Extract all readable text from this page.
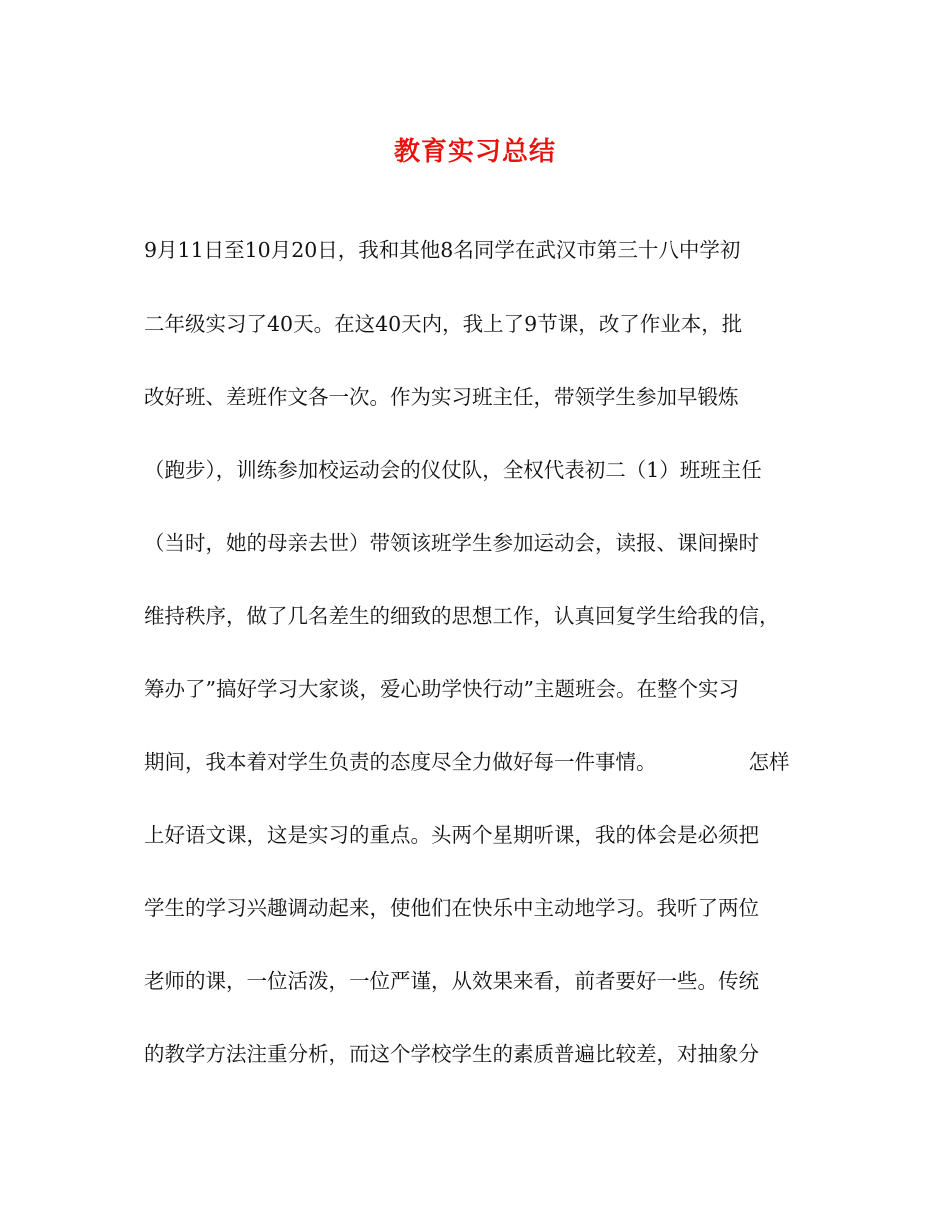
教育实习总结
9月11日至10月20日，我和其他8名同学在武汉市第三十八中学初
二年级实习了40天。在这40天内，我上了9节课，改了作业本，批
改好班、差班作文各一次。作为实习班主任，带领学生参加早锻炼
（跑步），训练参加校运动会的仪仗队，全权代表初二（1）班班主任
（当时，她的母亲去世）带领该班学生参加运动会，读报、课间操时
维持秩序，做了几名差生的细致的思想工作，认真回复学生给我的信，
筹办了”搞好学习大家谈，爱心助学快行动”主题班会。在整个实习
期间，我本着对学生负责的态度尽全力做好每一件事情。	怎样
上好语文课，这是实习的重点。头两个星期听课，我的体会是必须把
学生的学习兴趣调动起来，使他们在快乐中主动地学习。我听了两位
老师的课，一位活泼，一位严谨，从效果来看，前者要好一些。传统
的教学方法注重分析，而这个学校学生的素质普遍比较差，对抽象分
